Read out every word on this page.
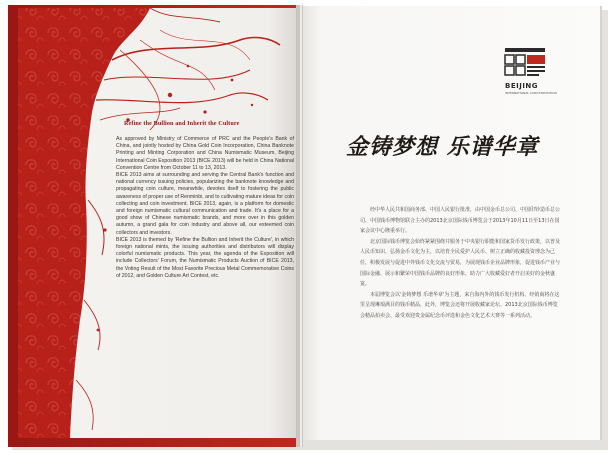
BEIJING
INTERNATIONAL COIN EXPOSITION
Refine the Bullion and Inherit the Culture

As approved by Ministry of Commerce of PRC and the People's Bank of China, and jointly hosted by China Gold Coin Incorporation, China Banknote Printing and Minting Corporation and China Numismatic Museum, Beijing International Coin Exposition 2013 (BICE 2013) will be held in China National Convention Centre from October 11 to 13, 2013.

BICE 2013 aims at surrounding and serving the Central Bank's function and national currency issuing policies, popularizing the banknote knowledge and propagating coin culture, meanwhile, devotes itself to fostering the public awareness of proper use of Renminbi, and to cultivating mature ideas for coin collecting and coin investment. BICE 2013, again, is a platform for domestic and foreign numismatic cultural communication and trade. It's a place for a good show of Chinese numismatic brands, and more over in this golden autumn, a grand gala for coin industry and above all, our esteemed coin collectors and investors.

BICE 2013 is themed by 'Refine the Bullion and Inherit the Culture', in which foreign national mints, the issuing authorities and distributors will display colorful numismatic products. This year, the agenda of the Exposition will include Collectors' Forum, the Numismatic Products Auction of BICE 2013, the Voting Result of the Most Favorite Precious Metal Commemorative Coins of 2012, and Golden Culture Art Contest, etc.

金铸梦想 乐谱华章

经中华人民共和国商务部、中国人民银行批准，由中国金币总公司、中国印钞造币总公司、中国钱币博物馆联合主办的2013北京国际钱币博览会于2013年10月11日至13日在国家会议中心隆重举行。

北京国际钱币博览会始终紧紧围绕并服务于中央银行职能和国家货币发行政策，以普及人民币知识、弘扬金币文化为主，以培育全民爱护人民币、树立正确的收藏投资理念为己任，积极发展与促进中外钱币文化交流与贸易，为展现钱币企业品牌形象，促进钱币产业与国际金融、展示和繁荣中国钱币品牌的良好形象，助力广大收藏爱好者开启美好的金秋盛宴。

本届博览会以'金铸梦想 乐谱华章'为主题，来自海内外的钱币发行机构、经销商将在这里呈现琳琅满目的钱币精品，此外，博览会还将开展收藏家论坛、2013北京国际钱币博览会精品拍卖会、最受欢迎贵金属纪念币评选和金色文化艺术大赛等一系列活动。
